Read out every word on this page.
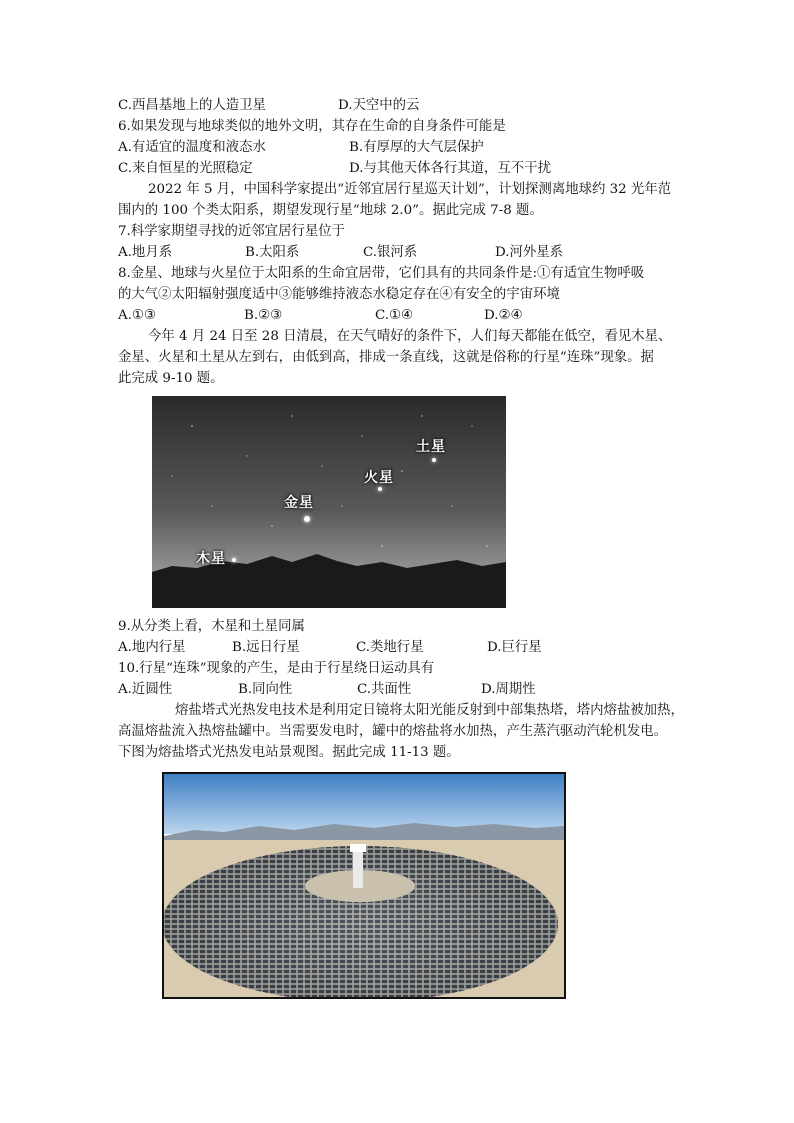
C.西昌基地上的人造卫星	D.天空中的云
6.如果发现与地球类似的地外文明，其存在生命的自身条件可能是
A.有适宜的温度和液态水	B.有厚厚的大气层保护
C.来自恒星的光照稳定	D.与其他天体各行其道，互不干扰
2022 年 5 月，中国科学家提出“近邻宜居行星巡天计划”，计划探测离地球约 32 光年范
围内的 100 个类太阳系，期望发现行星“地球 2.0”。据此完成 7-8 题。
7.科学家期望寻找的近邻宜居行星位于
A.地月系	B.太阳系	C.银河系	D.河外星系
8.金星、地球与火星位于太阳系的生命宜居带，它们具有的共同条件是:①有适宜生物呼吸
的大气②太阳辐射强度适中③能够维持液态水稳定存在④有安全的宇宙环境
A.①③	B.②③	C.①④	D.②④
今年 4 月 24 日至 28 日清晨，在天气晴好的条件下，人们每天都能在低空，看见木星、
金星、火星和土星从左到右，由低到高，排成一条直线，这就是俗称的行星“连珠”现象。据
此完成 9-10 题。
土星
火星
金星
木星
9.从分类上看，木星和土星同属
A.地内行星	B.远日行星	C.类地行星	D.巨行星
10.行星“连珠”现象的产生，是由于行星绕日运动具有
A.近圆性	B.同向性	C.共面性	D.周期性
熔盐塔式光热发电技术是利用定日镜将太阳光能反射到中部集热塔，塔内熔盐被加热，
高温熔盐流入热熔盐罐中。当需要发电时，罐中的熔盐将水加热，产生蒸汽驱动汽轮机发电。
下图为熔盐塔式光热发电站景观图。据此完成 11-13 题。
